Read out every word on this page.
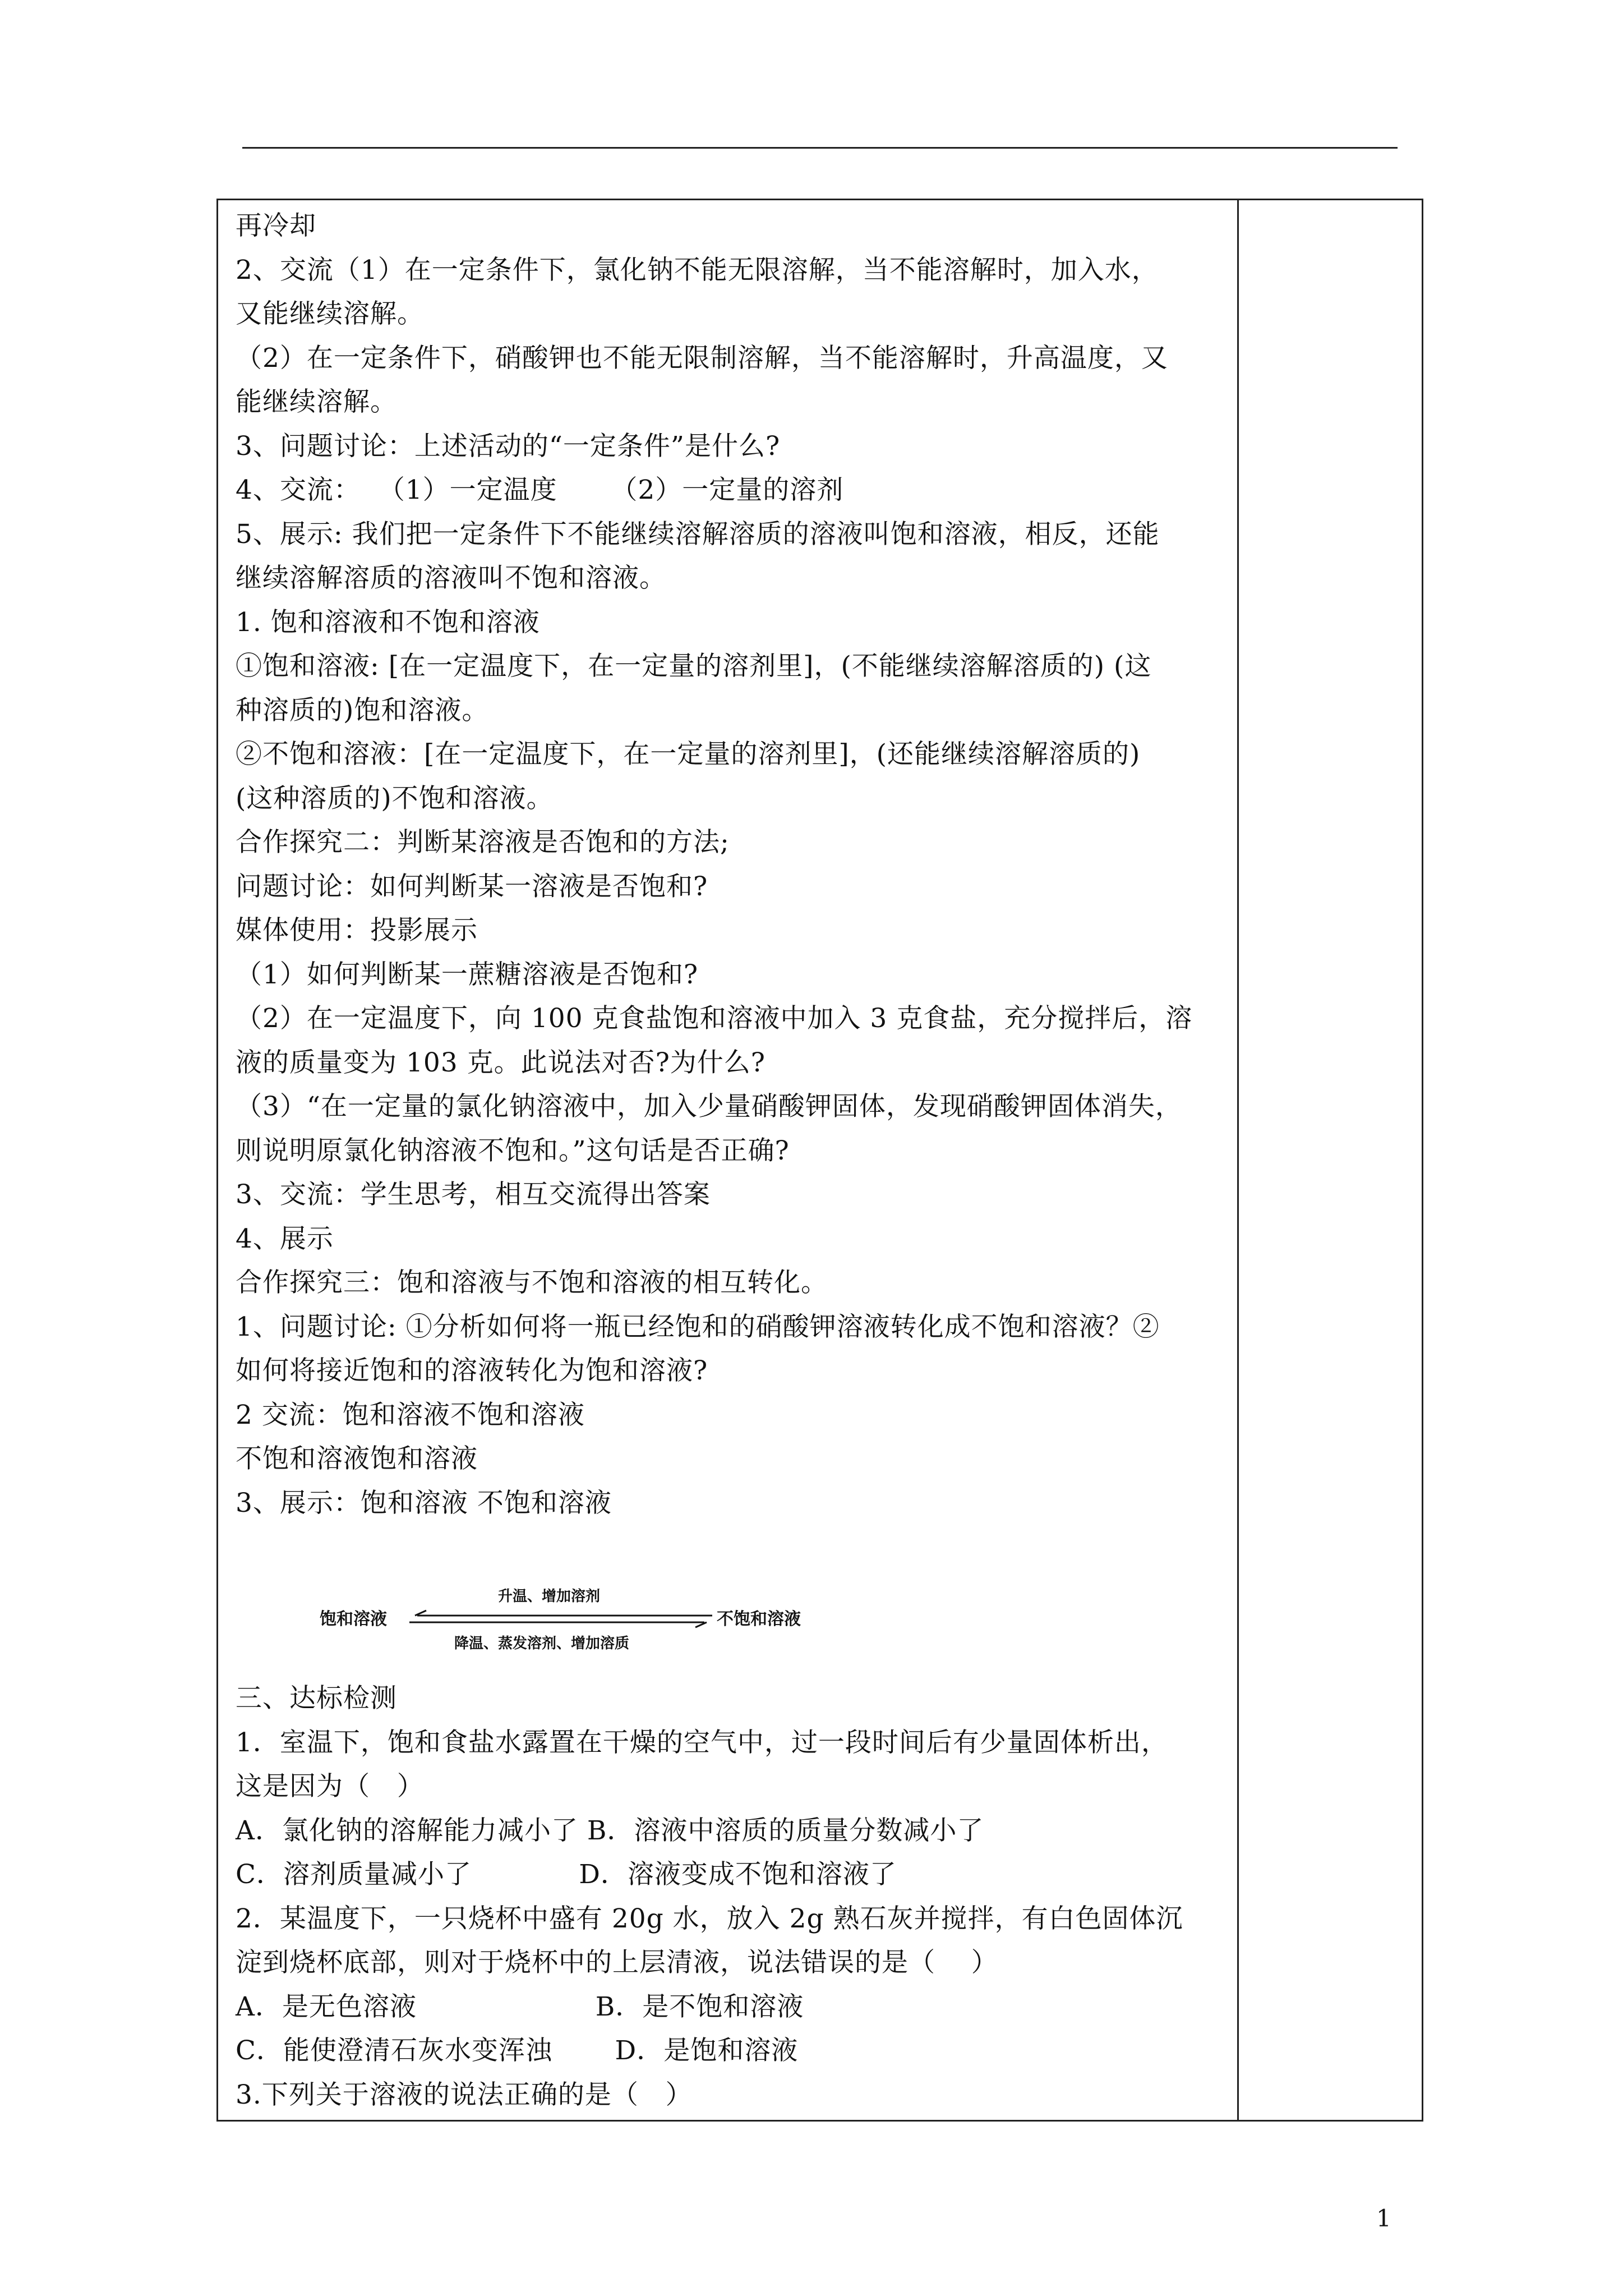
再冷却
2、交流（1）在一定条件下，氯化钠不能无限溶解，当不能溶解时，加入水，
又能继续溶解。
（2）在一定条件下，硝酸钾也不能无限制溶解，当不能溶解时，升高温度，又
能继续溶解。
3、问题讨论：上述活动的“一定条件”是什么?
4、交流：  （1）一定温度      （2）一定量的溶剂
5、展示: 我们把一定条件下不能继续溶解溶质的溶液叫饱和溶液，相反，还能
继续溶解溶质的溶液叫不饱和溶液。
1. 饱和溶液和不饱和溶液
①饱和溶液: [在一定温度下，在一定量的溶剂里]，(不能继续溶解溶质的) (这
种溶质的)饱和溶液。
②不饱和溶液：[在一定温度下，在一定量的溶剂里]，(还能继续溶解溶质的)
(这种溶质的)不饱和溶液。
合作探究二：判断某溶液是否饱和的方法;
问题讨论：如何判断某一溶液是否饱和?
媒体使用：投影展示
（1）如何判断某一蔗糖溶液是否饱和?
（2）在一定温度下，向 100 克食盐饱和溶液中加入 3 克食盐，充分搅拌后，溶
液的质量变为 103 克。此说法对否?为什么?
（3）“在一定量的氯化钠溶液中，加入少量硝酸钾固体，发现硝酸钾固体消失，
则说明原氯化钠溶液不饱和。”这句话是否正确?
3、交流：学生思考，相互交流得出答案
4、展示
合作探究三：饱和溶液与不饱和溶液的相互转化。
1、问题讨论: ①分析如何将一瓶已经饱和的硝酸钾溶液转化成不饱和溶液？②
如何将接近饱和的溶液转化为饱和溶液?
2 交流：饱和溶液不饱和溶液
不饱和溶液饱和溶液
3、展示：饱和溶液 不饱和溶液
饱和溶液
升温、增加溶剂
不饱和溶液
降温、蒸发溶剂、增加溶质
三、达标检测
1．室温下，饱和食盐水露置在干燥的空气中，过一段时间后有少量固体析出，
这是因为（   ）
A．氯化钠的溶解能力减小了 B．溶液中溶质的质量分数减小了
C．溶剂质量减小了            D．溶液变成不饱和溶液了
2．某温度下，一只烧杯中盛有 20g 水，放入 2g 熟石灰并搅拌，有白色固体沉
淀到烧杯底部，则对于烧杯中的上层清液，说法错误的是（    ）
A．是无色溶液                    B．是不饱和溶液
C．能使澄清石灰水变浑浊       D．是饱和溶液
3.下列关于溶液的说法正确的是（   ）
1
